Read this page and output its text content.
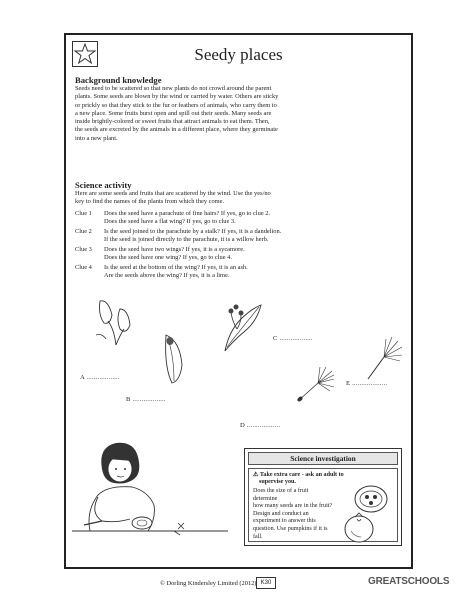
Seedy places
Background knowledge
Seeds need to be scattered so that new plants do not crowd around the parent
plants. Some seeds are blown by the wind or carried by water. Others are sticky
or prickly so that they stick to the fur or feathers of animals, who carry them to
a new place. Some fruits burst open and spill out their seeds. Many seeds are
inside brightly-colored or sweet fruits that attract animals to eat them. Then,
the seeds are excreted by the animals in a different place, where they germinate
into a new plant.
Science activity
Here are some seeds and fruits that are scattered by the wind. Use the yes/no
key to find the names of the plants from which they come.
Clue 1 Does the seed have a parachute of fine hairs? If yes, go to clue 2.
Does the seed have a flat wing? If yes, go to clue 3.
Clue 2 Is the seed joined to the parachute by a stalk? If yes, it is a dandelion.
If the seed is joined directly to the parachute, it is a willow herb.
Clue 3 Does the seed have two wings? If yes, it is a sycamore.
Does the seed have one wing? If yes, go to clue 4.
Clue 4 Is the seed at the bottom of the wing? If yes, it is an ash.
Are the seeds above the wing? If yes, it is a lime.
A ..................
B ..................
C ..................
D ..................
E ...................
Science investigation
⚠ Take extra care - ask an adult to
supervise you.
Does the size of a fruit determine
how many seeds are in the fruit?
Design and conduct an
experiment to answer this
question. Use pumpkins if it is fall.
© Dorling Kindersley Limited (2012) K30	GREATSCHOOLS
